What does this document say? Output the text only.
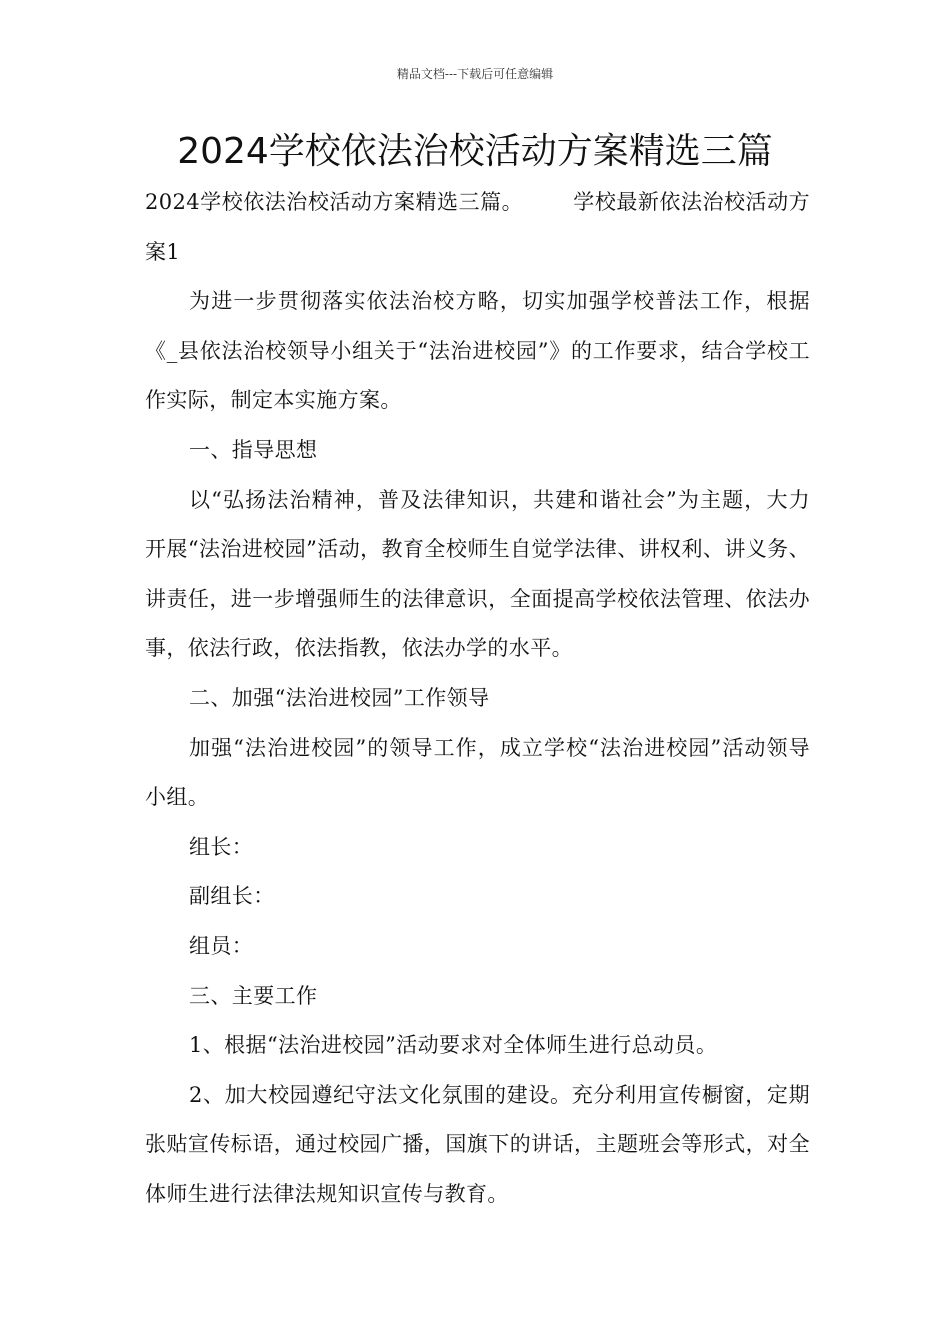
精品文档---下载后可任意编辑
2024学校依法治校活动方案精选三篇

2024学校依法治校活动方案精选三篇。 学校最新依法治校活动方案1

为进一步贯彻落实依法治校方略，切实加强学校普法工作，根据《_县依法治校领导小组关于“法治进校园”》的工作要求，结合学校工作实际，制定本实施方案。

一、指导思想

以“弘扬法治精神，普及法律知识，共建和谐社会”为主题，大力开展“法治进校园”活动，教育全校师生自觉学法律、讲权利、讲义务、讲责任，进一步增强师生的法律意识，全面提高学校依法管理、依法办事，依法行政，依法指教，依法办学的水平。

二、加强“法治进校园”工作领导

加强“法治进校园”的领导工作，成立学校“法治进校园”活动领导小组。

组长：

副组长：

组员：

三、主要工作

1、根据“法治进校园”活动要求对全体师生进行总动员。

2、加大校园遵纪守法文化氛围的建设。充分利用宣传橱窗，定期张贴宣传标语，通过校园广播，国旗下的讲话，主题班会等形式，对全体师生进行法律法规知识宣传与教育。
